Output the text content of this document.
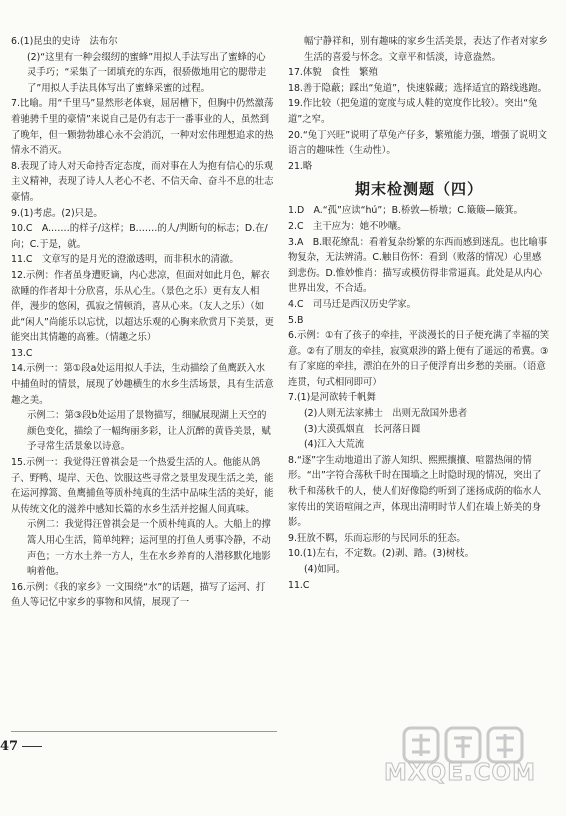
6.(1)昆虫的史诗　法布尔

(2)“这里有一种会缀纫的蜜蜂”用拟人手法写出了蜜蜂的心灵手巧；“采集了一团填充的东西，很骄傲地用它的腮带走了”用拟人手法具体写出了蜜蜂采蜜的过程。

7.比喻。用“千里马”显然形老体衰，屈居槽下，但胸中仍然激荡着驰骋千里的豪情”来说自己是仍有志于一番事业的人，虽然到了晚年，但一颗勃勃雄心永不会消沉，一种对宏伟理想追求的热情永不消灭。

8.表现了诗人对天命持否定态度，而对事在人为抱有信心的乐观主义精神，表现了诗人人老心不老、不信天命、奋斗不息的壮志豪情。

9.(1)考虑。(2)只是。

10.C　A.……的样子/这样；B.……的人/判断句的标志；D.在/向；C.于是，就。

11.C　文章写的是月光的澄澈透明，而非积水的清澈。

12.示例：作者虽身遭贬谪，内心悲凉，但面对如此月色，解衣欲睡的作者却十分欣喜，乐从心生。（景色之乐）更有友人相伴，漫步的悠闲，孤寂之情顿消，喜从心来。（友人之乐）（如此“闲人”尚能乐以忘忧，以超达乐观的心胸来欣赏月下美景，更能突出其情趣的高雅。（情趣之乐）

13.C

14.示例一：第①段a处运用拟人手法，生动描绘了鱼鹰跃入水中捕鱼时的情景，展现了妙趣横生的水乡生活场景，具有生活意趣之美。

示例二：第③段b处运用了景物描写，细腻展现湖上天空的颜色变化，描绘了一幅绚丽多彩，让人沉醉的黄昏美景，赋予寻常生活景象以诗意。

15.示例一：我觉得汪曾祺会是一个热爱生活的人。他能从鸽子、野鸭、堤岸、天色、饮服这些寻常之景里发现生活之美，能在运河撑篙、鱼鹰捕鱼等质朴纯真的生活中品味生活的美好，能从传统文化的滋养中感知长篇的水乡生活并挖掘人间真味。

示例二：我觉得汪曾祺会是一个质朴纯真的人。大船上的撑篙人用心生活，简单纯粹；运河里的打鱼人勇事冷静，不动声色；一方水土养一方人，生在水乡养育的人潜移默化地影响着他。

16.示例：《我的家乡》一文围绕“水”的话题，描写了运河、打鱼人等记忆中家乡的事物和风情，展现了一

幅宁静祥和，别有趣味的家乡生活美景，表达了作者对家乡生活的喜爱与怀念。文章平和恬淡，诗意盎然。

17.体貌　食性　繁殖

18.善于隐蔽；踩出“兔道”，快速躲藏；选择适宜的路线逃跑。

19.作比较（把兔道的宽度与成人鞋的宽度作比较）。突出“兔道”之窄。

20.“兔丁兴旺”说明了草兔产仔多，繁殖能力强，增强了说明文语言的趣味性（生动性）。

21.略

期末检测题（四）

1.D　A.“孤”应读“hú”；B.桥敦—桥墩；C.簸簸—簸箕。

2.C　主干应为：她不吵嚷。

3.A　B.眼花缭乱：看着复杂纷繁的东西而感到迷乱。也比喻事物复杂，无法辨清。C.触目伤怀：看到（败落的情况）心里感到悲伤。D.惟妙惟肖：描写或模仿得非常逼真。此处是从内心世界出发，不合适。

4.C　司马迁是西汉历史学家。

5.B

6.示例：①有了孩子的牵挂，平淡漫长的日子便充满了幸福的笑意。②有了朋友的牵挂，寂寞艰涉的路上便有了遥远的希冀。③有了家庭的牵挂，漂泊在外的日子便浮育出乡愁的美丽。（语意连贯，句式相同即可）

7.(1)是河欲转千帆舞

(2)人则无法家拂士　出则无敌国外患者

(3)大漠孤烟直　长河落日圆

(4)江入大荒流

8.“逐”字生动地道出了游人知织、熙熙攘攘、喧嚣热闹的情形。“出”字符合荡秋千时在围墙之上时隐时现的情况，突出了秋千和荡秋千的人，使人们好像隐约听到了迷扬成荫的临水人家传出的笑语喧闹之声，体现出清明时节人们在墙上娇美的身影。

9.狂放不羁，乐而忘形的与民同乐的狂态。

10.(1)左右，不定数。(2)剥、踏。(3)树枝。

(4)如同。

11.C

47
MXQE.COM
